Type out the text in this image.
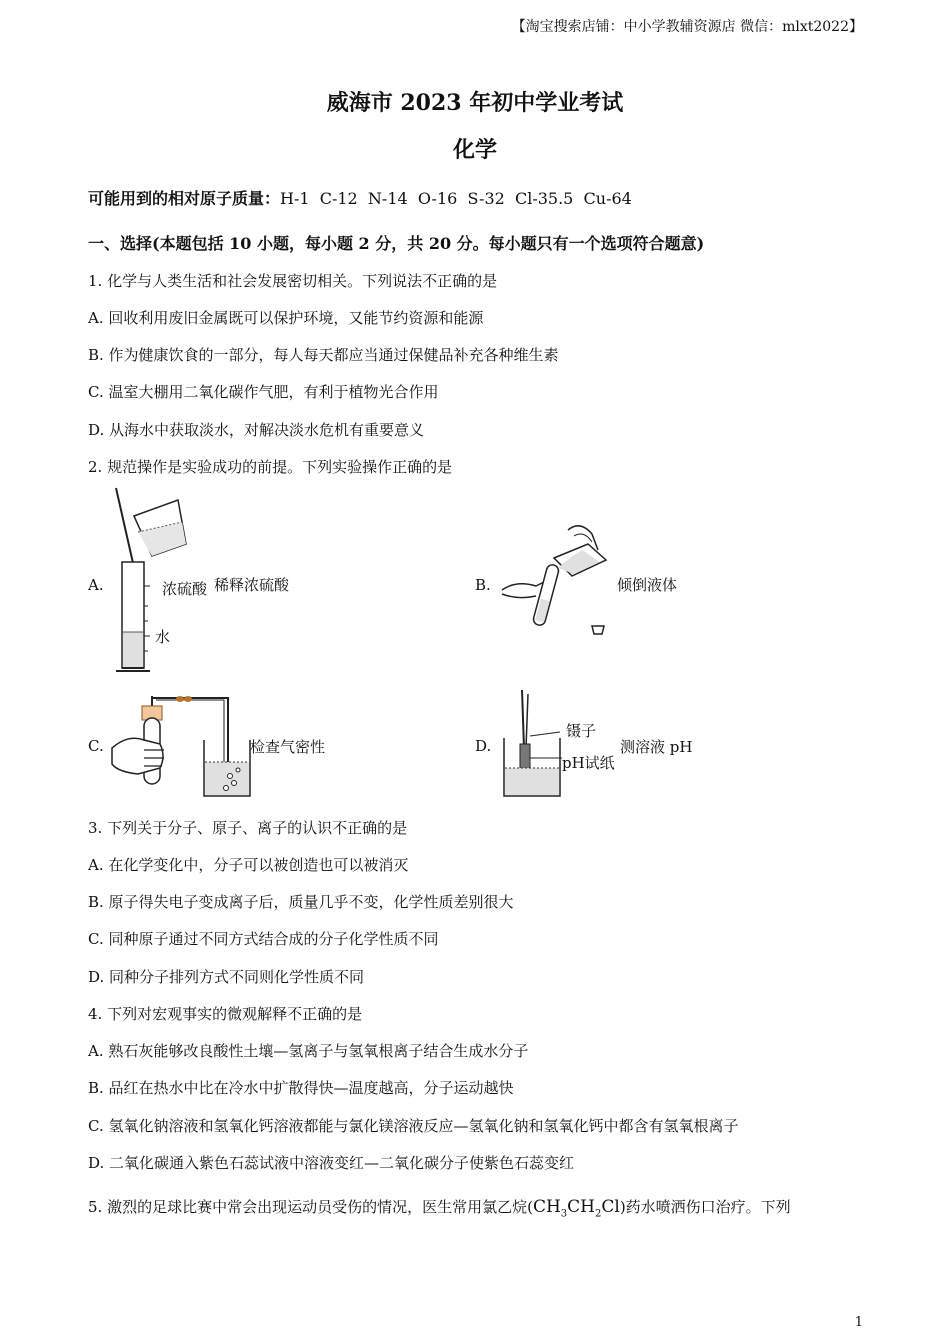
【淘宝搜索店铺：中小学教辅资源店 微信：mlxt2022】
威海市 2023 年初中学业考试
化学
可能用到的相对原子质量：H-1  C-12  N-14  O-16  S-32  Cl-35.5  Cu-64
一、选择(本题包括 10 小题，每小题 2 分，共 20 分。每小题只有一个选项符合题意)
1. 化学与人类生活和社会发展密切相关。下列说法不正确的是
A. 回收利用废旧金属既可以保护环境，又能节约资源和能源
B. 作为健康饮食的一部分，每人每天都应当通过保健品补充各种维生素
C. 温室大棚用二氧化碳作气肥，有利于植物光合作用
D. 从海水中获取淡水，对解决淡水危机有重要意义
2. 规范操作是实验成功的前提。下列实验操作正确的是
A.	浓硫酸
水
稀释浓硫酸	B.	倾倒液体
C.	检查气密性	D.
镊子
pH试纸
测溶液 pH
3. 下列关于分子、原子、离子的认识不正确的是
A. 在化学变化中，分子可以被创造也可以被消灭
B. 原子得失电子变成离子后，质量几乎不变，化学性质差别很大
C. 同种原子通过不同方式结合成的分子化学性质不同
D. 同种分子排列方式不同则化学性质不同
4. 下列对宏观事实的微观解释不正确的是
A. 熟石灰能够改良酸性土壤—氢离子与氢氧根离子结合生成水分子
B. 品红在热水中比在冷水中扩散得快—温度越高，分子运动越快
C. 氢氧化钠溶液和氢氧化钙溶液都能与氯化镁溶液反应—氢氧化钠和氢氧化钙中都含有氢氧根离子
D. 二氧化碳通入紫色石蕊试液中溶液变红—二氧化碳分子使紫色石蕊变红
5. 激烈的足球比赛中常会出现运动员受伤的情况，医生常用氯乙烷$(CH_3CH_2Cl)$药水喷洒伤口治疗。下列
1
